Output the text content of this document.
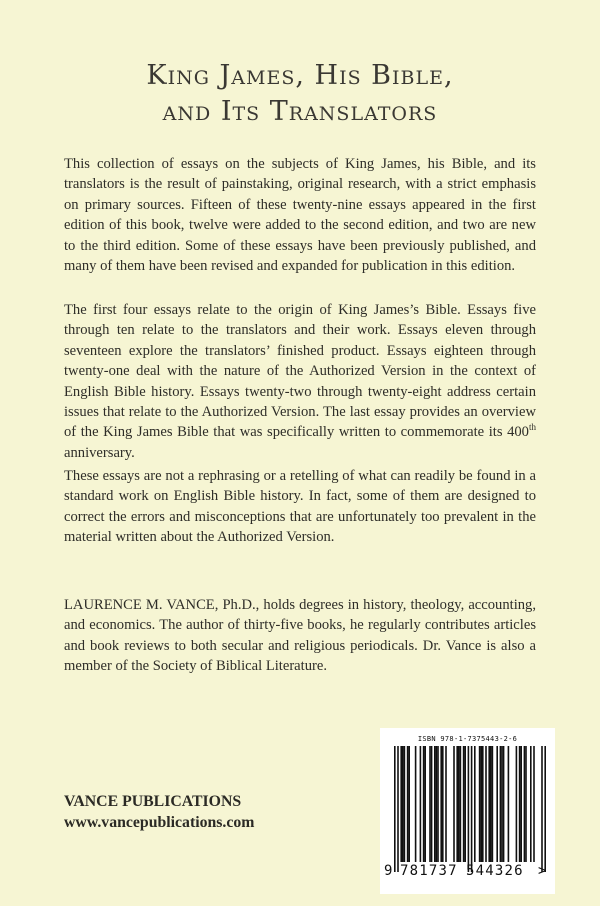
King James, His Bible,
and Its Translators

This collection of essays on the subjects of King James, his Bible, and its translators is the result of painstaking, original research, with a strict emphasis on primary sources. Fifteen of these twenty-nine essays appeared in the first edition of this book, twelve were added to the second edition, and two are new to the third edition. Some of these essays have been previously published, and many of them have been revised and expanded for publication in this edition.

The first four essays relate to the origin of King James’s Bible. Essays five through ten relate to the translators and their work. Essays eleven through seventeen explore the translators’ finished product. Essays eighteen through twenty-one deal with the nature of the Authorized Version in the context of English Bible history. Essays twenty-two through twenty-eight address certain issues that relate to the Authorized Version. The last essay provides an overview of the King James Bible that was specifically written to commemorate its 400th anniversary.

These essays are not a rephrasing or a retelling of what can readily be found in a standard work on English Bible history. In fact, some of them are designed to correct the errors and misconceptions that are unfortunately too prevalent in the material written about the Authorized Version.

LAURENCE M. VANCE, Ph.D., holds degrees in history, theology, accounting, and economics. The author of thirty-five books, he regularly contributes articles and book reviews to both secular and religious periodicals. Dr. Vance is also a member of the Society of Biblical Literature.

VANCE PUBLICATIONS
www.vancepublications.com
ISBN 978-1-7375443-2-6
9 781737 544326 >
